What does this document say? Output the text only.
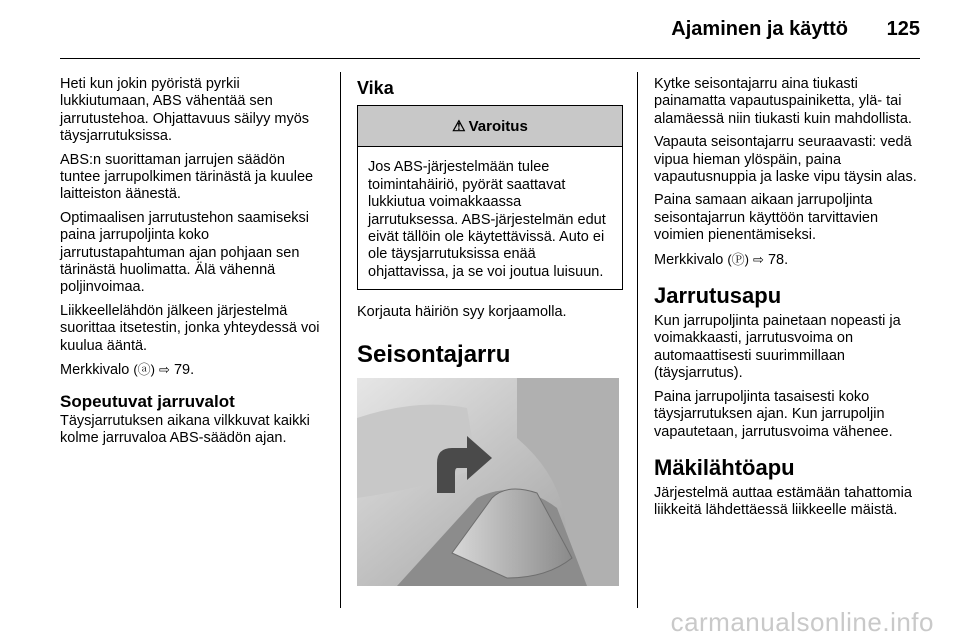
Ajaminen ja käyttö 125

Heti kun jokin pyöristä pyrkii lukkiutumaan, ABS vähentää sen jarrutustehoa. Ohjattavuus säilyy myös täysjarrutuksissa.

ABS:n suorittaman jarrujen säädön tuntee jarrupolkimen tärinästä ja kuulee laitteiston äänestä.

Optimaalisen jarrutustehon saamiseksi paina jarrupoljinta koko jarrutustapahtuman ajan pohjaan sen tärinästä huolimatta. Älä vähennä poljinvoimaa.

Liikkeellelähdön jälkeen järjestelmä suorittaa itsetestin, jonka yhteydessä voi kuulua ääntä.

Merkkivalo (ⓐ) ⇨ 79.

Sopeutuvat jarruvalot

Täysjarrutuksen aikana vilkkuvat kaikki kolme jarruvaloa ABS-säädön ajan.

Vika
⚠ Varoitus
Jos ABS-järjestelmään tulee toimintahäiriö, pyörät saattavat lukkiutua voimakkaassa jarrutuksessa. ABS-järjestelmän edut eivät tällöin ole käytettävissä. Auto ei ole täysjarrutuksissa enää ohjattavissa, ja se voi joutua luisuun.

Korjauta häiriön syy korjaamolla.

Seisontajarru

Kytke seisontajarru aina tiukasti painamatta vapautuspainiketta, ylä- tai alamäessä niin tiukasti kuin mahdollista.

Vapauta seisontajarru seuraavasti: vedä vipua hieman ylöspäin, paina vapautusnuppia ja laske vipu täysin alas.

Paina samaan aikaan jarrupoljinta seisontajarrun käyttöön tarvittavien voimien pienentämiseksi.

Merkkivalo (Ⓟ) ⇨ 78.

Jarrutusapu

Kun jarrupoljinta painetaan nopeasti ja voimakkaasti, jarrutusvoima on automaattisesti suurimmillaan (täysjarrutus).

Paina jarrupoljinta tasaisesti koko täysjarrutuksen ajan. Kun jarrupoljin vapautetaan, jarrutusvoima vähenee.

Mäkilähtöapu

Järjestelmä auttaa estämään tahattomia liikkeitä lähdettäessä liikkeelle mäistä.

carmanualsonline.info
